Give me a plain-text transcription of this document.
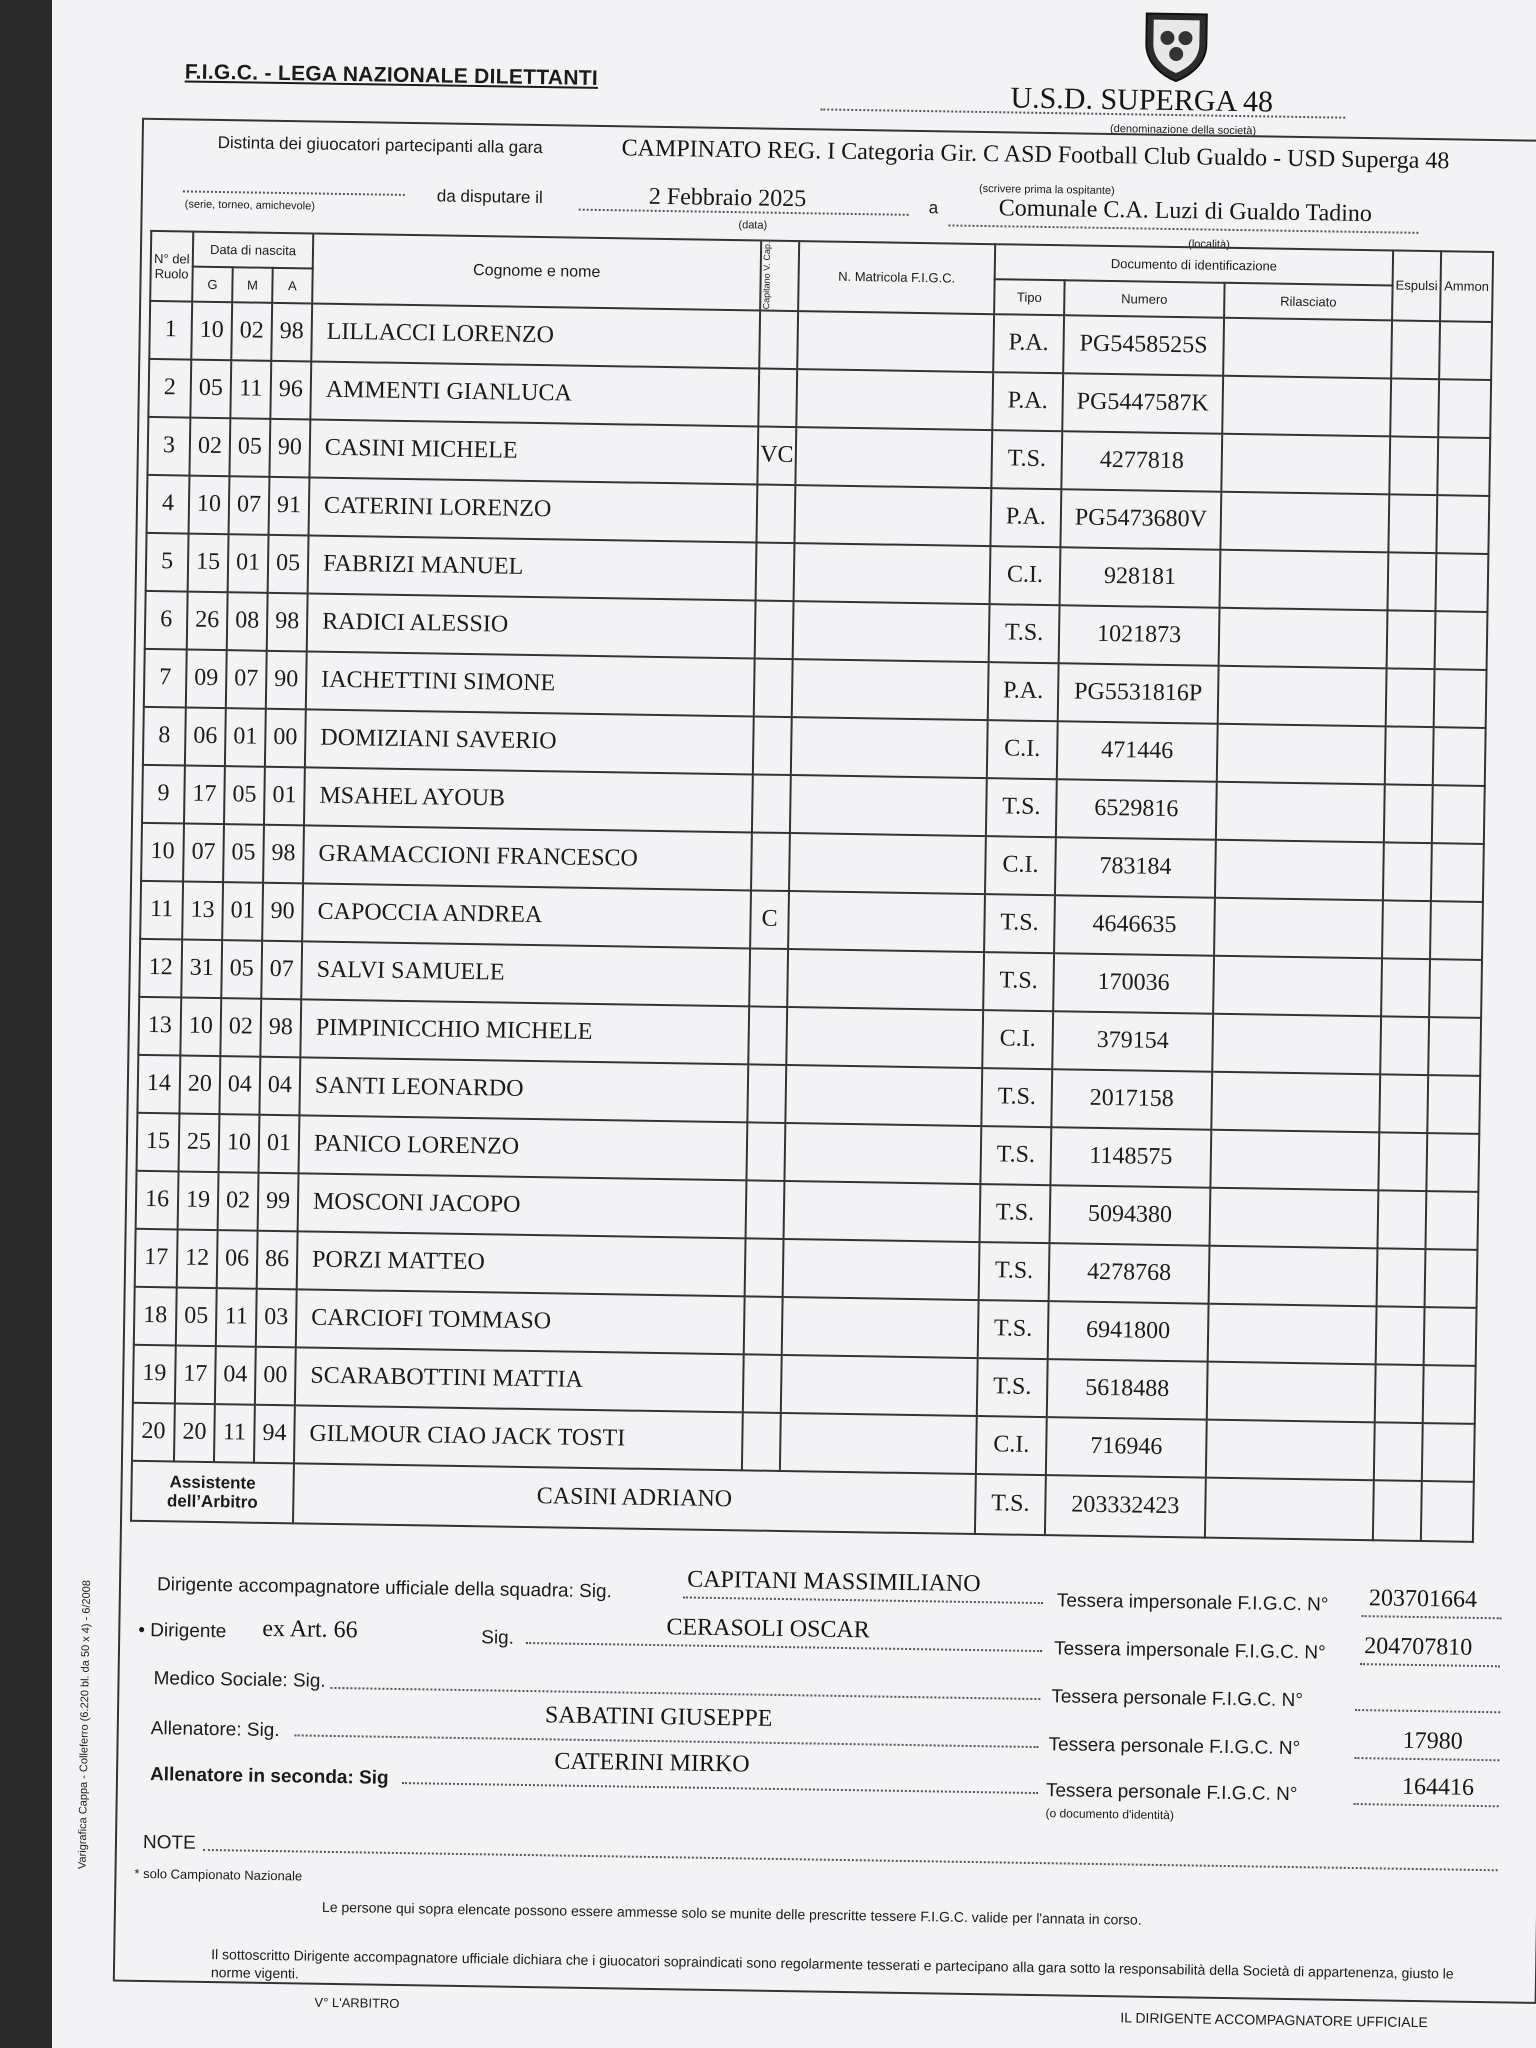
F.I.G.C. - LEGA NAZIONALE DILETTANTI
U.S.D. SUPERGA 48
(denominazione della società)
Distinta dei giuocatori partecipanti alla gara	CAMPINATO REG. I Categoria Gir. C ASD Football Club Gualdo - USD Superga 48
(scrivere prima la ospitante)
(serie, torneo, amichevole)	da disputare il	2 Febbraio 2025
(data)
a	Comunale C.A. Luzi di Gualdo Tadino
(località)
N° del Ruolo	Data di nascita			Cognome e nome	Capitano V. Cap.	N. Matricola F.I.G.C.	Documento di identificazione			Espulsi	Ammon
	G	M	A				Tipo	Numero	Rilasciato		
1	10	02	98	LILLACCI LORENZO			P.A.	PG5458525S			
2	05	11	96	AMMENTI GIANLUCA			P.A.	PG5447587K			
3	02	05	90	CASINI MICHELE	VC		T.S.	4277818			
4	10	07	91	CATERINI LORENZO			P.A.	PG5473680V			
5	15	01	05	FABRIZI MANUEL			C.I.	928181			
6	26	08	98	RADICI ALESSIO			T.S.	1021873			
7	09	07	90	IACHETTINI SIMONE			P.A.	PG5531816P			
8	06	01	00	DOMIZIANI SAVERIO			C.I.	471446			
9	17	05	01	MSAHEL AYOUB			T.S.	6529816			
10	07	05	98	GRAMACCIONI FRANCESCO			C.I.	783184			
11	13	01	90	CAPOCCIA ANDREA	C		T.S.	4646635			
12	31	05	07	SALVI SAMUELE			T.S.	170036			
13	10	02	98	PIMPINICCHIO MICHELE			C.I.	379154			
14	20	04	04	SANTI LEONARDO			T.S.	2017158			
15	25	10	01	PANICO LORENZO			T.S.	1148575			
16	19	02	99	MOSCONI JACOPO			T.S.	5094380			
17	12	06	86	PORZI MATTEO			T.S.	4278768			
18	05	11	03	CARCIOFI TOMMASO			T.S.	6941800			
19	17	04	00	SCARABOTTINI MATTIA			T.S.	5618488			
20	20	11	94	GILMOUR CIAO JACK TOSTI			C.I.	716946			
Assistente dell’Arbitro				CASINI ADRIANO			T.S.	203332423			
Dirigente accompagnatore ufficiale della squadra: Sig.	CAPITANI MASSIMILIANO
Tessera impersonale F.I.G.C. N° 203701664
• Dirigente ex Art. 66	Sig.	CERASOLI OSCAR
Tessera impersonale F.I.G.C. N° 204707810
Medico Sociale: Sig.
Tessera personale F.I.G.C. N°
Allenatore: Sig.	SABATINI GIUSEPPE
Tessera personale F.I.G.C. N°	17980
Allenatore in seconda: Sig	CATERINI MIRKO
Tessera personale F.I.G.C. N°	164416
(o documento d'identità)
NOTE
* solo Campionato Nazionale
Le persone qui sopra elencate possono essere ammesse solo se munite delle prescritte tessere F.I.G.C. valide per l'annata in corso.
Il sottoscritto Dirigente accompagnatore ufficiale dichiara che i giuocatori sopraindicati sono regolarmente tesserati e partecipano alla gara sotto la responsabilità della Società di appartenenza, giusto le norme vigenti.
V° L'ARBITRO
IL DIRIGENTE ACCOMPAGNATORE UFFICIALE
Varigrafica Cappa - Colleferro (6.220 bl. da 50 x 4) - 6/2008
